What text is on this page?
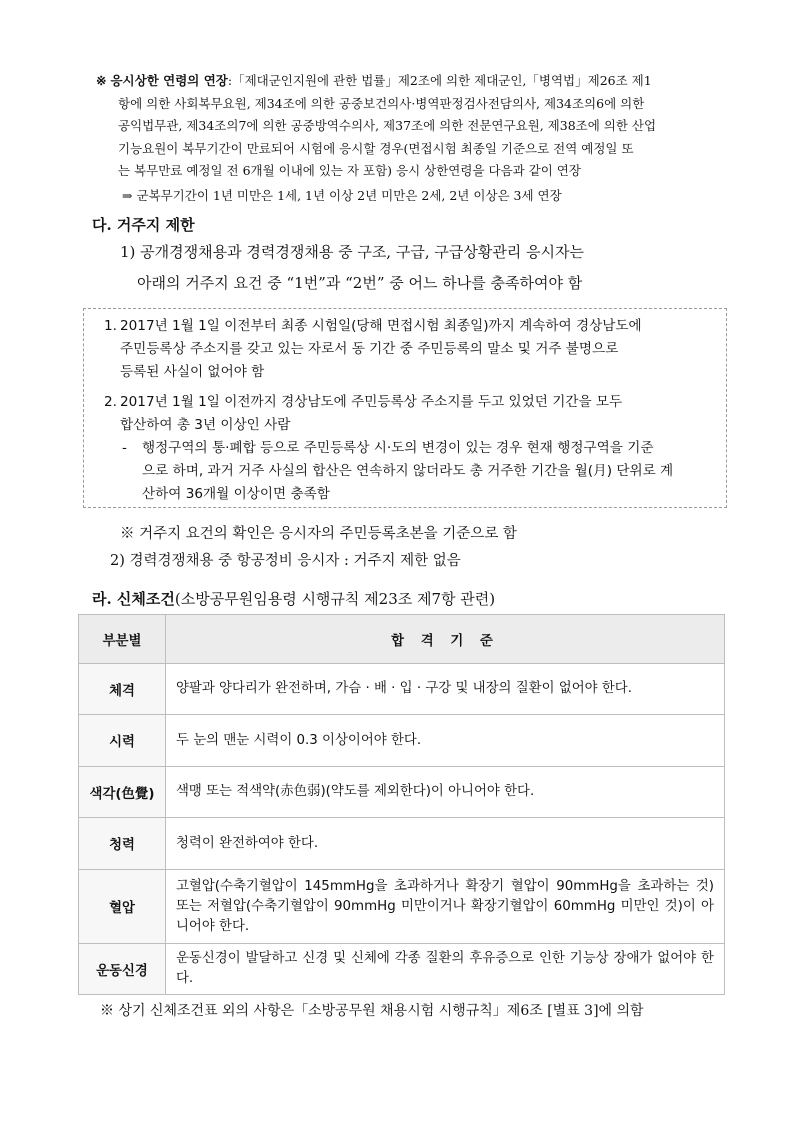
※ 응시상한 연령의 연장:「제대군인지원에 관한 법률」제2조에 의한 제대군인,「병역법」제26조 제1
항에 의한 사회복무요원, 제34조에 의한 공중보건의사·병역판정검사전담의사, 제34조의6에 의한
공익법무관, 제34조의7에 의한 공중방역수의사, 제37조에 의한 전문연구요원, 제38조에 의한 산업
기능요원이 복무기간이 만료되어 시험에 응시할 경우(면접시험 최종일 기준으로 전역 예정일 또
는 복무만료 예정일 전 6개월 이내에 있는 자 포함) 응시 상한연령을 다음과 같이 연장
⇒ 군복무기간이 1년 미만은 1세, 1년 이상 2년 미만은 2세, 2년 이상은 3세 연장
다. 거주지 제한
1) 공개경쟁채용과 경력경쟁채용 중 구조, 구급, 구급상황관리 응시자는
아래의 거주지 요건 중 “1번”과 “2번” 중 어느 하나를 충족하여야 함
1. 2017년 1월 1일 이전부터 최종 시험일(당해 면접시험 최종일)까지 계속하여 경상남도에
주민등록상 주소지를 갖고 있는 자로서 동 기간 중 주민등록의 말소 및 거주 불명으로
등록된 사실이 없어야 함
2. 2017년 1월 1일 이전까지 경상남도에 주민등록상 주소지를 두고 있었던 기간을 모두
합산하여 총 3년 이상인 사람
-	행정구역의 통·폐합 등으로 주민등록상 시·도의 변경이 있는 경우 현재 행정구역을 기준
으로 하며, 과거 거주 사실의 합산은 연속하지 않더라도 총 거주한 기간을 월(月) 단위로 계
산하여 36개월 이상이면 충족함
※ 거주지 요건의 확인은 응시자의 주민등록초본을 기준으로 함
2) 경력경쟁채용 중 항공정비 응시자 : 거주지 제한 없음
라. 신체조건(소방공무원임용령 시행규칙 제23조 제7항 관련)
부분별	합 격 기 준
체격	양팔과 양다리가 완전하며, 가슴 · 배 · 입 · 구강 및 내장의 질환이 없어야 한다.
시력	두 눈의 맨눈 시력이 0.3 이상이어야 한다.
색각(色覺)	색맹 또는 적색약(赤色弱)(약도를 제외한다)이 아니어야 한다.
청력	청력이 완전하여야 한다.
혈압	고혈압(수축기혈압이 145mmHg을 초과하거나 확장기 혈압이 90mmHg을 초과하는 것) 또는 저혈압(수축기혈압이 90mmHg 미만이거나 확장기혈압이 60mmHg 미만인 것)이 아니어야 한다.
운동신경	운동신경이 발달하고 신경 및 신체에 각종 질환의 후유증으로 인한 기능상 장애가 없어야 한다.
※ 상기 신체조건표 외의 사항은「소방공무원 채용시험 시행규칙」제6조 [별표 3]에 의함
